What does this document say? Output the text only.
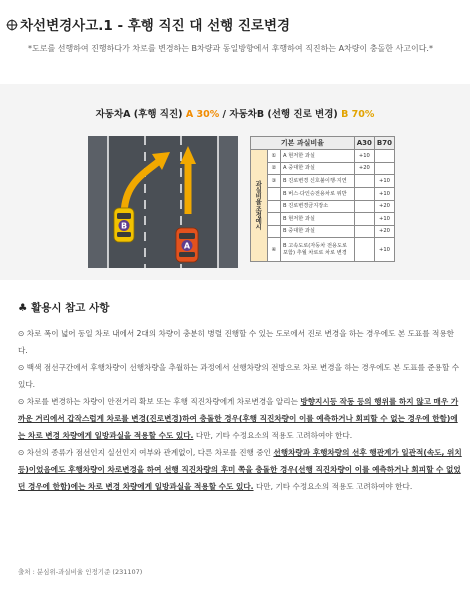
차선변경사고.1 - 후행 직진 대 선행 진로변경
*도로를 선행하여 진행하다가 차로를 변경하는 B차량과 동일방향에서 후행하여 직진하는 A차량이 충돌한 사고이다.*
자동차A (후행 직진) A 30% / 자동차B (선행 진로 변경) B 70%
B
A
기본 과실비율			A30	B70
과실비율 조정예시	①	A 현저한 과실	+10	
	②	A 중대한 과실	+20	
	③	B 진로변경 신호불이행·지연		+10
		B 버스·다인승전용차로 위반		+10
		B 진로변경금지장소		+20
		B 현저한 과실		+10
		B 중대한 과실		+20
	④	B 고속도로(자동차 전용도로 포함) 추월 차로로 차로 변경		+10
♣ 활용시 참고 사항

⊙ 차로 폭이 넓어 동일 차로 내에서 2대의 차량이 충분히 병렬 진행할 수 있는 도로에서 진로 변경을 하는 경우에도 본 도표를 적용한다.

⊙ 백색 점선구간에서 후행차량이 선행차량을 추월하는 과정에서 선행차량의 전방으로 차로 변경을 하는 경우에도 본 도표를 준용할 수 있다.

⊙ 차로를 변경하는 차량이 안전거리 확보 또는 후행 직진차량에게 차로변경을 알리는 방향지시등 작동 등의 행위를 하지 않고 매우 가까운 거리에서 갑작스럽게 차로를 변경(진로변경)하여 충돌한 경우(후행 직진차량이 이를 예측하거나 회피할 수 없는 경우에 한함)에는 차로 변경 차량에게 일방과실을 적용할 수도 있다. 다만, 기타 수정요소의 적용도 고려하여야 한다.

⊙ 차선의 종류가 점선인지 실선인지 여부와 관계없이, 다른 차로를 진행 중인 선행차량과 후행차량의 선후 행관계가 일관적(속도, 위치 등)이었음에도 후행차량이 차로변경을 하여 선행 직진차량의 후미 쪽을 충돌한 경우(선행 직진차량이 이를 예측하거나 회피할 수 없었던 경우에 한함)에는 차로 변경 차량에게 일방과실을 적용할 수도 있다. 다만, 기타 수정요소의 적용도 고려하여야 한다.

출처 : 분심위-과실비율 인정기준 (231107)
